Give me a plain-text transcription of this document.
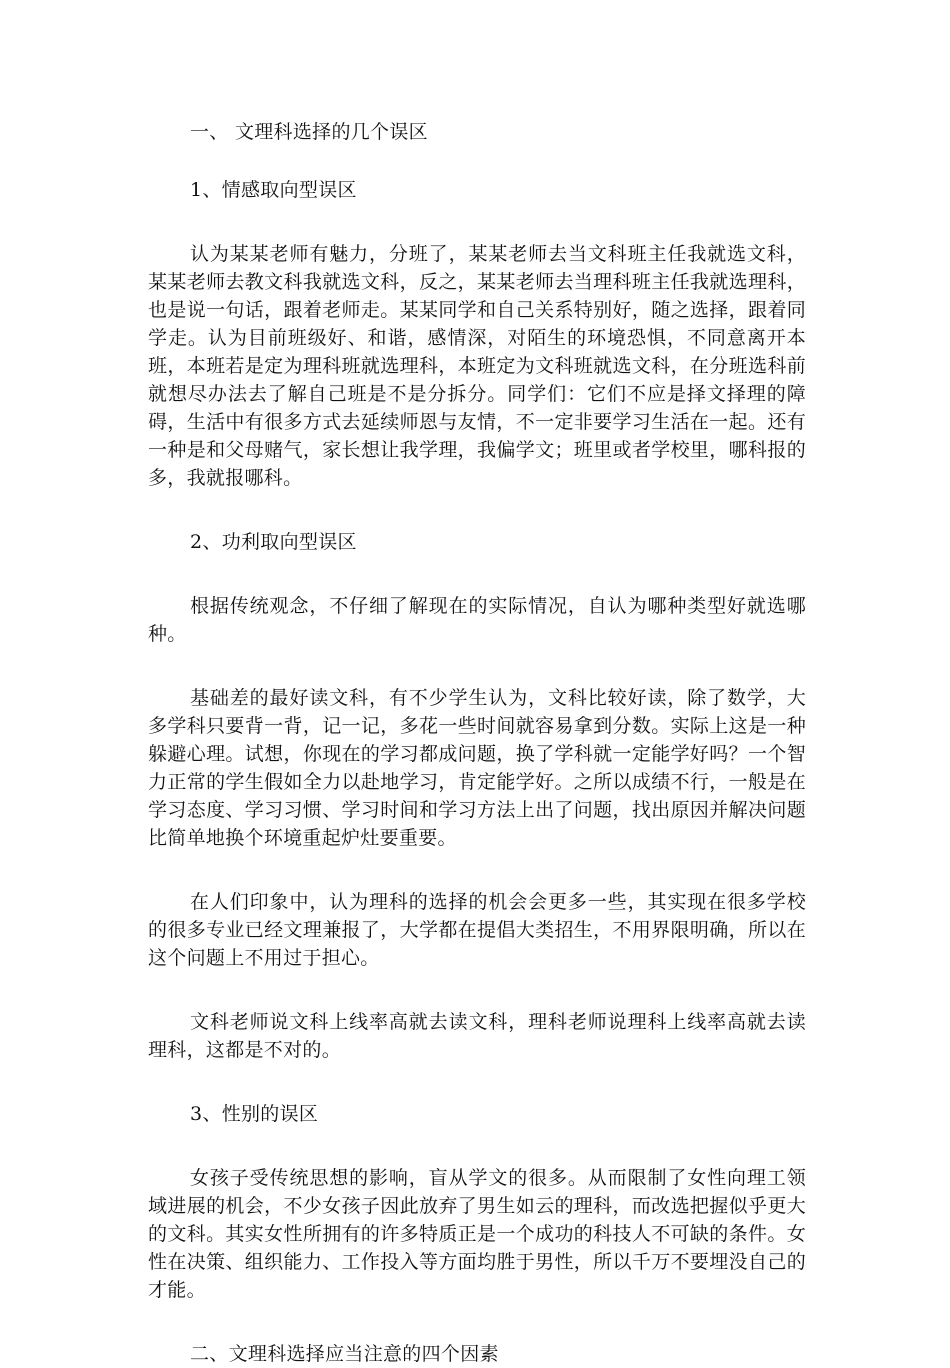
一、 文理科选择的几个误区
1、情感取向型误区

认为某某老师有魅力，分班了，某某老师去当文科班主任我就选文科，某某老师去教文科我就选文科，反之，某某老师去当理科班主任我就选理科，也是说一句话，跟着老师走。某某同学和自己关系特别好，随之选择，跟着同学走。认为目前班级好、和谐，感情深，对陌生的环境恐惧，不同意离开本班，本班若是定为理科班就选理科，本班定为文科班就选文科，在分班选科前就想尽办法去了解自己班是不是分拆分。同学们：它们不应是择文择理的障碍，生活中有很多方式去延续师恩与友情，不一定非要学习生活在一起。还有一种是和父母赌气，家长想让我学理，我偏学文；班里或者学校里，哪科报的多，我就报哪科。

2、功利取向型误区

根据传统观念，不仔细了解现在的实际情况，自认为哪种类型好就选哪种。

基础差的最好读文科，有不少学生认为，文科比较好读，除了数学，大多学科只要背一背，记一记，多花一些时间就容易拿到分数。实际上这是一种躲避心理。试想，你现在的学习都成问题，换了学科就一定能学好吗？一个智力正常的学生假如全力以赴地学习，肯定能学好。之所以成绩不行，一般是在学习态度、学习习惯、学习时间和学习方法上出了问题，找出原因并解决问题比简单地换个环境重起炉灶要重要。

在人们印象中，认为理科的选择的机会会更多一些，其实现在很多学校的很多专业已经文理兼报了，大学都在提倡大类招生，不用界限明确，所以在这个问题上不用过于担心。

文科老师说文科上线率高就去读文科，理科老师说理科上线率高就去读理科，这都是不对的。

3、性别的误区

女孩子受传统思想的影响，盲从学文的很多。从而限制了女性向理工领域进展的机会，不少女孩子因此放弃了男生如云的理科，而改选把握似乎更大的文科。其实女性所拥有的许多特质正是一个成功的科技人不可缺的条件。女性在决策、组织能力、工作投入等方面均胜于男性，所以千万不要埋没自己的才能。

二、文理科选择应当注意的四个因素
